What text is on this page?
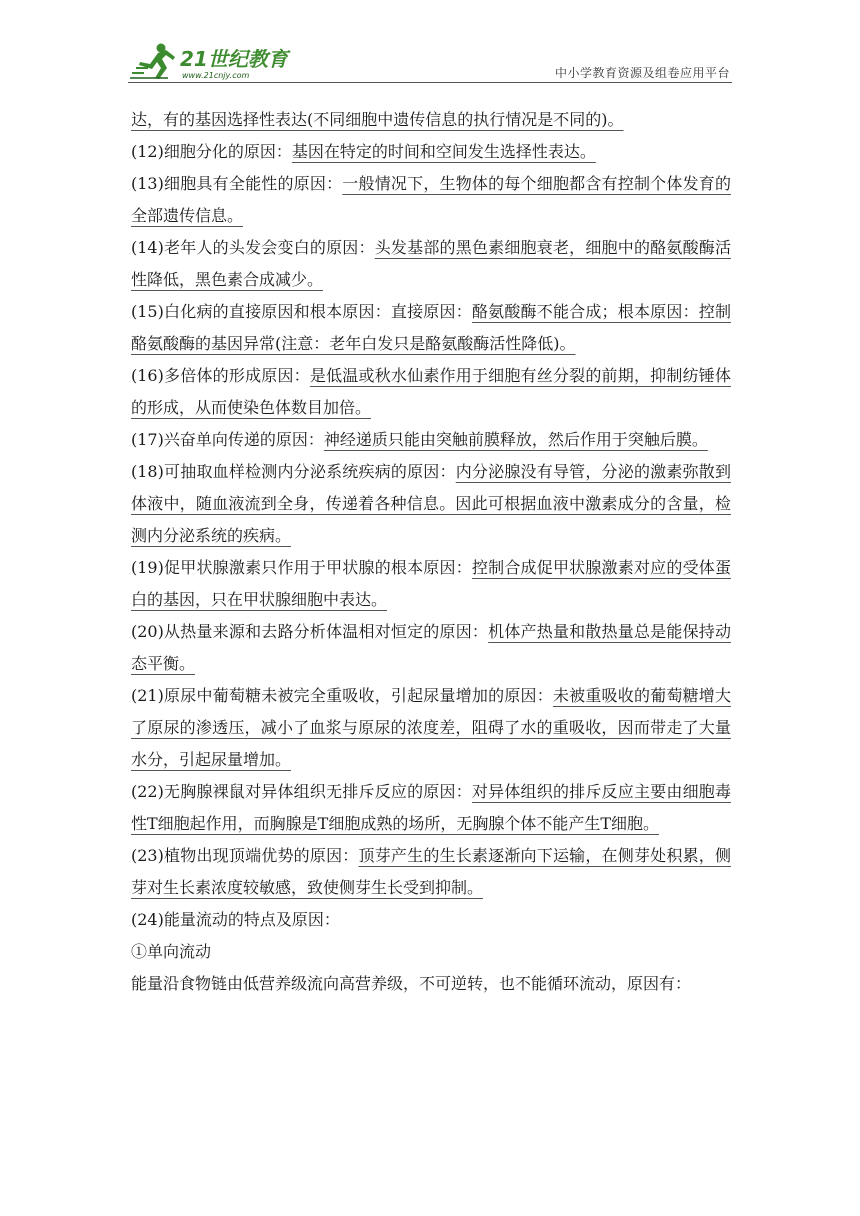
21世纪教育
www.21cnjy.com	中小学教育资源及组卷应用平台

达，有的基因选择性表达(不同细胞中遗传信息的执行情况是不同的)。

(12)细胞分化的原因：基因在特定的时间和空间发生选择性表达。

(13)细胞具有全能性的原因：一般情况下，生物体的每个细胞都含有控制个体发育的全部遗传信息。

(14)老年人的头发会变白的原因：头发基部的黑色素细胞衰老，细胞中的酪氨酸酶活性降低，黑色素合成减少。

(15)白化病的直接原因和根本原因：直接原因：酪氨酸酶不能合成；根本原因：控制酪氨酸酶的基因异常(注意：老年白发只是酪氨酸酶活性降低)。

(16)多倍体的形成原因：是低温或秋水仙素作用于细胞有丝分裂的前期，抑制纺锤体的形成，从而使染色体数目加倍。

(17)兴奋单向传递的原因：神经递质只能由突触前膜释放，然后作用于突触后膜。

(18)可抽取血样检测内分泌系统疾病的原因：内分泌腺没有导管，分泌的激素弥散到体液中，随血液流到全身，传递着各种信息。因此可根据血液中激素成分的含量，检测内分泌系统的疾病。

(19)促甲状腺激素只作用于甲状腺的根本原因：控制合成促甲状腺激素对应的受体蛋白的基因，只在甲状腺细胞中表达。

(20)从热量来源和去路分析体温相对恒定的原因：机体产热量和散热量总是能保持动态平衡。

(21)原尿中葡萄糖未被完全重吸收，引起尿量增加的原因：未被重吸收的葡萄糖增大了原尿的渗透压，减小了血浆与原尿的浓度差，阻碍了水的重吸收，因而带走了大量水分，引起尿量增加。

(22)无胸腺裸鼠对异体组织无排斥反应的原因：对异体组织的排斥反应主要由细胞毒性T细胞起作用，而胸腺是T细胞成熟的场所，无胸腺个体不能产生T细胞。

(23)植物出现顶端优势的原因：顶芽产生的生长素逐渐向下运输，在侧芽处积累，侧芽对生长素浓度较敏感，致使侧芽生长受到抑制。

(24)能量流动的特点及原因：

①单向流动

能量沿食物链由低营养级流向高营养级，不可逆转，也不能循环流动，原因有：
